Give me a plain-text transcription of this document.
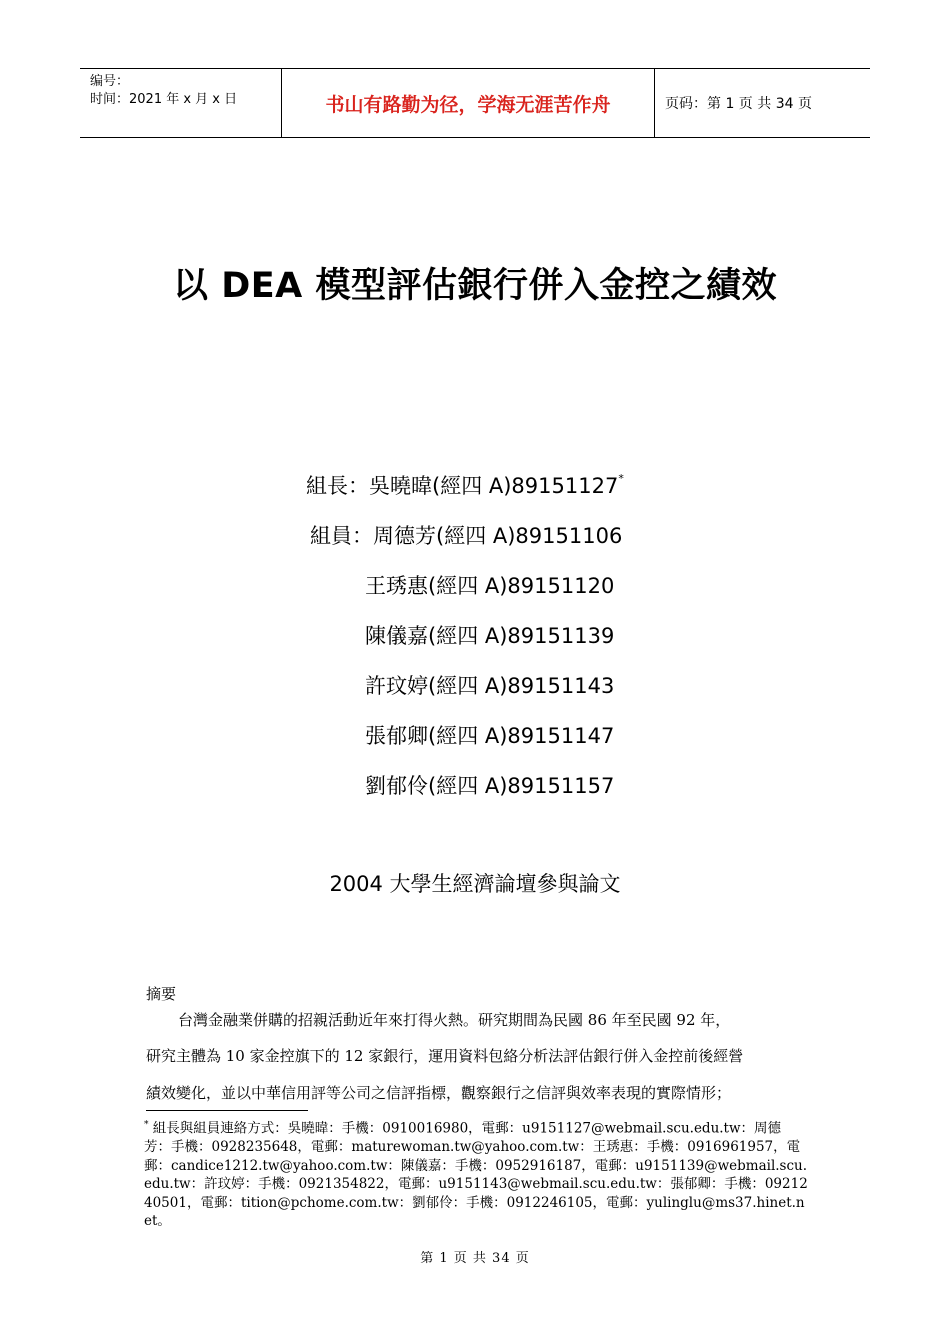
编号：
时间：2021 年 x 月 x 日	书山有路勤为径，学海无涯苦作舟	页码：第 1 页 共 34 页
以 DEA 模型評估銀行併入金控之績效
組長：吳曉暐(經四 A)89151127*
組員：周德芳(經四 A)89151106
王琇惠(經四 A)89151120
陳儀嘉(經四 A)89151139
許玟婷(經四 A)89151143
張郁卿(經四 A)89151147
劉郁伶(經四 A)89151157
2004 大學生經濟論壇參與論文
摘要
台灣金融業併購的招親活動近年來打得火熱。研究期間為民國 86 年至民國 92 年，
研究主體為 10 家金控旗下的 12 家銀行，運用資料包絡分析法評估銀行併入金控前後經營
績效變化，並以中華信用評等公司之信評指標，觀察銀行之信評與效率表現的實際情形；
* 組長與組員連絡方式：吳曉暐：手機：0910016980，電郵：u9151127@webmail.scu.edu.tw：周德芳：手機：0928235648，電郵：maturewoman.tw@yahoo.com.tw：王琇惠：手機：0916961957，電郵：candice1212.tw@yahoo.com.tw：陳儀嘉：手機：0952916187，電郵：u9151139@webmail.scu.edu.tw：許玟婷：手機：0921354822，電郵：u9151143@webmail.scu.edu.tw：張郁卿：手機：0921240501，電郵：tition@pchome.com.tw：劉郁伶：手機：0912246105，電郵：yulinglu@ms37.hinet.net。
第 1 页 共 34 页
